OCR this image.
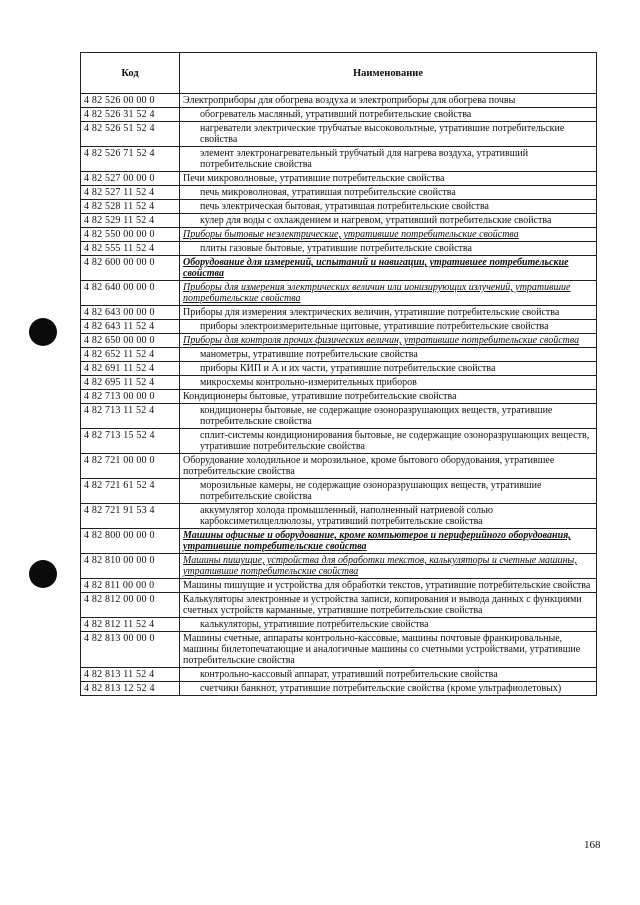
Код	Наименование
4 82 526 00 00 0	Электроприборы для обогрева воздуха и электроприборы для обогрева почвы
4 82 526 31 52 4	обогреватель масляный, утративший потребительские свойства
4 82 526 51 52 4	нагреватели электрические трубчатые высоковольтные, утратившие потребительские свойства
4 82 526 71 52 4	элемент электронагревательный трубчатый для нагрева воздуха, утративший потребительские свойства
4 82 527 00 00 0	Печи микроволновые, утратившие потребительские свойства
4 82 527 11 52 4	печь микроволновая, утратившая потребительские свойства
4 82 528 11 52 4	печь электрическая бытовая, утратившая потребительские свойства
4 82 529 11 52 4	кулер для воды с охлаждением и нагревом, утративший потребительские свойства
4 82 550 00 00 0	Приборы бытовые неэлектрические, утратившие потребительские свойства
4 82 555 11 52 4	плиты газовые бытовые, утратившие потребительские свойства
4 82 600 00 00 0	Оборудование для измерений, испытаний и навигации, утратившее потребительские свойства
4 82 640 00 00 0	Приборы для измерения электрических величин или ионизирующих излучений, утратившие потребительские свойства
4 82 643 00 00 0	Приборы для измерения электрических величин, утратившие потребительские свойства
4 82 643 11 52 4	приборы электроизмерительные щитовые, утратившие потребительские свойства
4 82 650 00 00 0	Приборы для контроля прочих физических величин, утратившие потребительские свойства
4 82 652 11 52 4	манометры, утратившие потребительские свойства
4 82 691 11 52 4	приборы КИП и А и их части, утратившие потребительские свойства
4 82 695 11 52 4	микросхемы контрольно-измерительных приборов
4 82 713 00 00 0	Кондиционеры бытовые, утратившие потребительские свойства
4 82 713 11 52 4	кондиционеры бытовые, не содержащие озоноразрушающих веществ, утратившие потребительские свойства
4 82 713 15 52 4	сплит-системы кондиционирования бытовые, не содержащие озоноразрушающих веществ, утратившие потребительские свойства
4 82 721 00 00 0	Оборудование холодильное и морозильное, кроме бытового оборудования, утратившее потребительские свойства
4 82 721 61 52 4	морозильные камеры, не содержащие озоноразрушающих веществ, утратившие потребительские свойства
4 82 721 91 53 4	аккумулятор холода промышленный, наполненный натриевой солью карбоксиметилцеллюлозы, утративший потребительские свойства
4 82 800 00 00 0	Машины офисные и оборудование, кроме компьютеров и периферийного оборудования, утратившие потребительские свойства
4 82 810 00 00 0	Машины пишущие, устройства для обработки текстов, калькуляторы и счетные машины, утратившие потребительские свойства
4 82 811 00 00 0	Машины пишущие и устройства для обработки текстов, утратившие потребительские свойства
4 82 812 00 00 0	Калькуляторы электронные и устройства записи, копирования и вывода данных с функциями счетных устройств карманные, утратившие потребительские свойства
4 82 812 11 52 4	калькуляторы, утратившие потребительские свойства
4 82 813 00 00 0	Машины счетные, аппараты контрольно-кассовые, машины почтовые франкировальные, машины билетопечатающие и аналогичные машины со счетными устройствами, утратившие потребительские свойства
4 82 813 11 52 4	контрольно-кассовый аппарат, утративший потребительские свойства
4 82 813 12 52 4	счетчики банкнот, утратившие потребительские свойства (кроме ультрафиолетовых)
168
